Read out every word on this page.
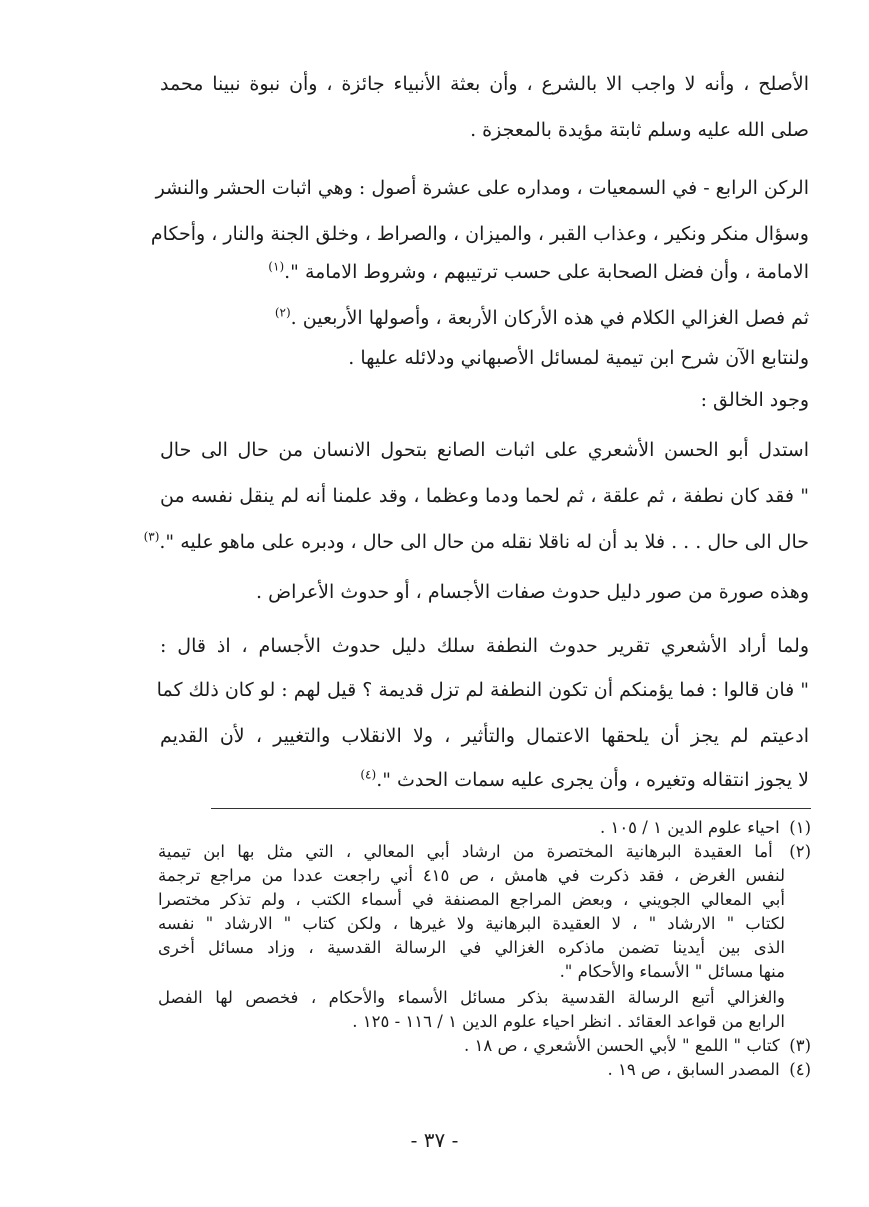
الأصلح ، وأنه لا واجب الا بالشرع ، وأن بعثة الأنبياء جائزة ، وأن نبوة نبينا محمد
صلى الله عليه وسلم ثابتة مؤيدة بالمعجزة .
الركن الرابع - في السمعيات ، ومداره على عشرة أصول : وهي اثبات الحشر والنشر
وسؤال منكر ونكير ، وعذاب القبر ، والميزان ، والصراط ، وخلق الجنة والنار ، وأحكام
الامامة ، وأن فضل الصحابة على حسب ترتيبهم ، وشروط الامامة ".$^{(١)}$
ثم فصل الغزالي الكلام في هذه الأركان الأربعة ، وأصولها الأربعين .$^{(٢)}$
ولنتابع الآن شرح ابن تيمية لمسائل الأصبهاني ودلائله عليها .
وجود الخالق :
استدل أبو الحسن الأشعري على اثبات الصانع بتحول الانسان من حال الى حال
" فقد كان نطفة ، ثم علقة ، ثم لحما ودما وعظما ، وقد علمنا أنه لم ينقل نفسه من
حال الى حال . . . فلا بد أن له ناقلا نقله من حال الى حال ، ودبره على ماهو عليه ".$^{(٣)}$
وهذه صورة من صور دليل حدوث صفات الأجسام ، أو حدوث الأعراض .
ولما أراد الأشعري تقرير حدوث النطفة سلك دليل حدوث الأجسام ، اذ قال :
" فان قالوا : فما يؤمنكم أن تكون النطفة لم تزل قديمة ؟ قيل لهم : لو كان ذلك كما
ادعيتم لم يجز أن يلحقها الاعتمال والتأثير ، ولا الانقلاب والتغيير ، لأن القديم
لا يجوز انتقاله وتغيره ، وأن يجرى عليه سمات الحدث ".$^{(٤)}$
(١) احياء علوم الدين ١ / ١٠٥ .
(٢) أما العقيدة البرهانية المختصرة من ارشاد أبي المعالي ، التي مثل بها ابن تيمية
لنفس الغرض ، فقد ذكرت في هامش ، ص ٤١٥ أني راجعت عددا من مراجع ترجمة
أبي المعالي الجويني ، وبعض المراجع المصنفة في أسماء الكتب ، ولم تذكر مختصرا
لكتاب " الارشاد " ، لا العقيدة البرهانية ولا غيرها ، ولكن كتاب " الارشاد " نفسه
الذى بين أيدينا تضمن ماذكره الغزالي في الرسالة القدسية ، وزاد مسائل أخرى
منها مسائل " الأسماء والأحكام ".
والغزالي أتبع الرسالة القدسية بذكر مسائل الأسماء والأحكام ، فخصص لها الفصل
الرابع من قواعد العقائد . انظر احياء علوم الدين ١ / ١١٦ - ١٢٥ .
(٣) كتاب " اللمع " لأبي الحسن الأشعري ، ص ١٨ .
(٤) المصدر السابق ، ص ١٩ .
- ٣٧ -
